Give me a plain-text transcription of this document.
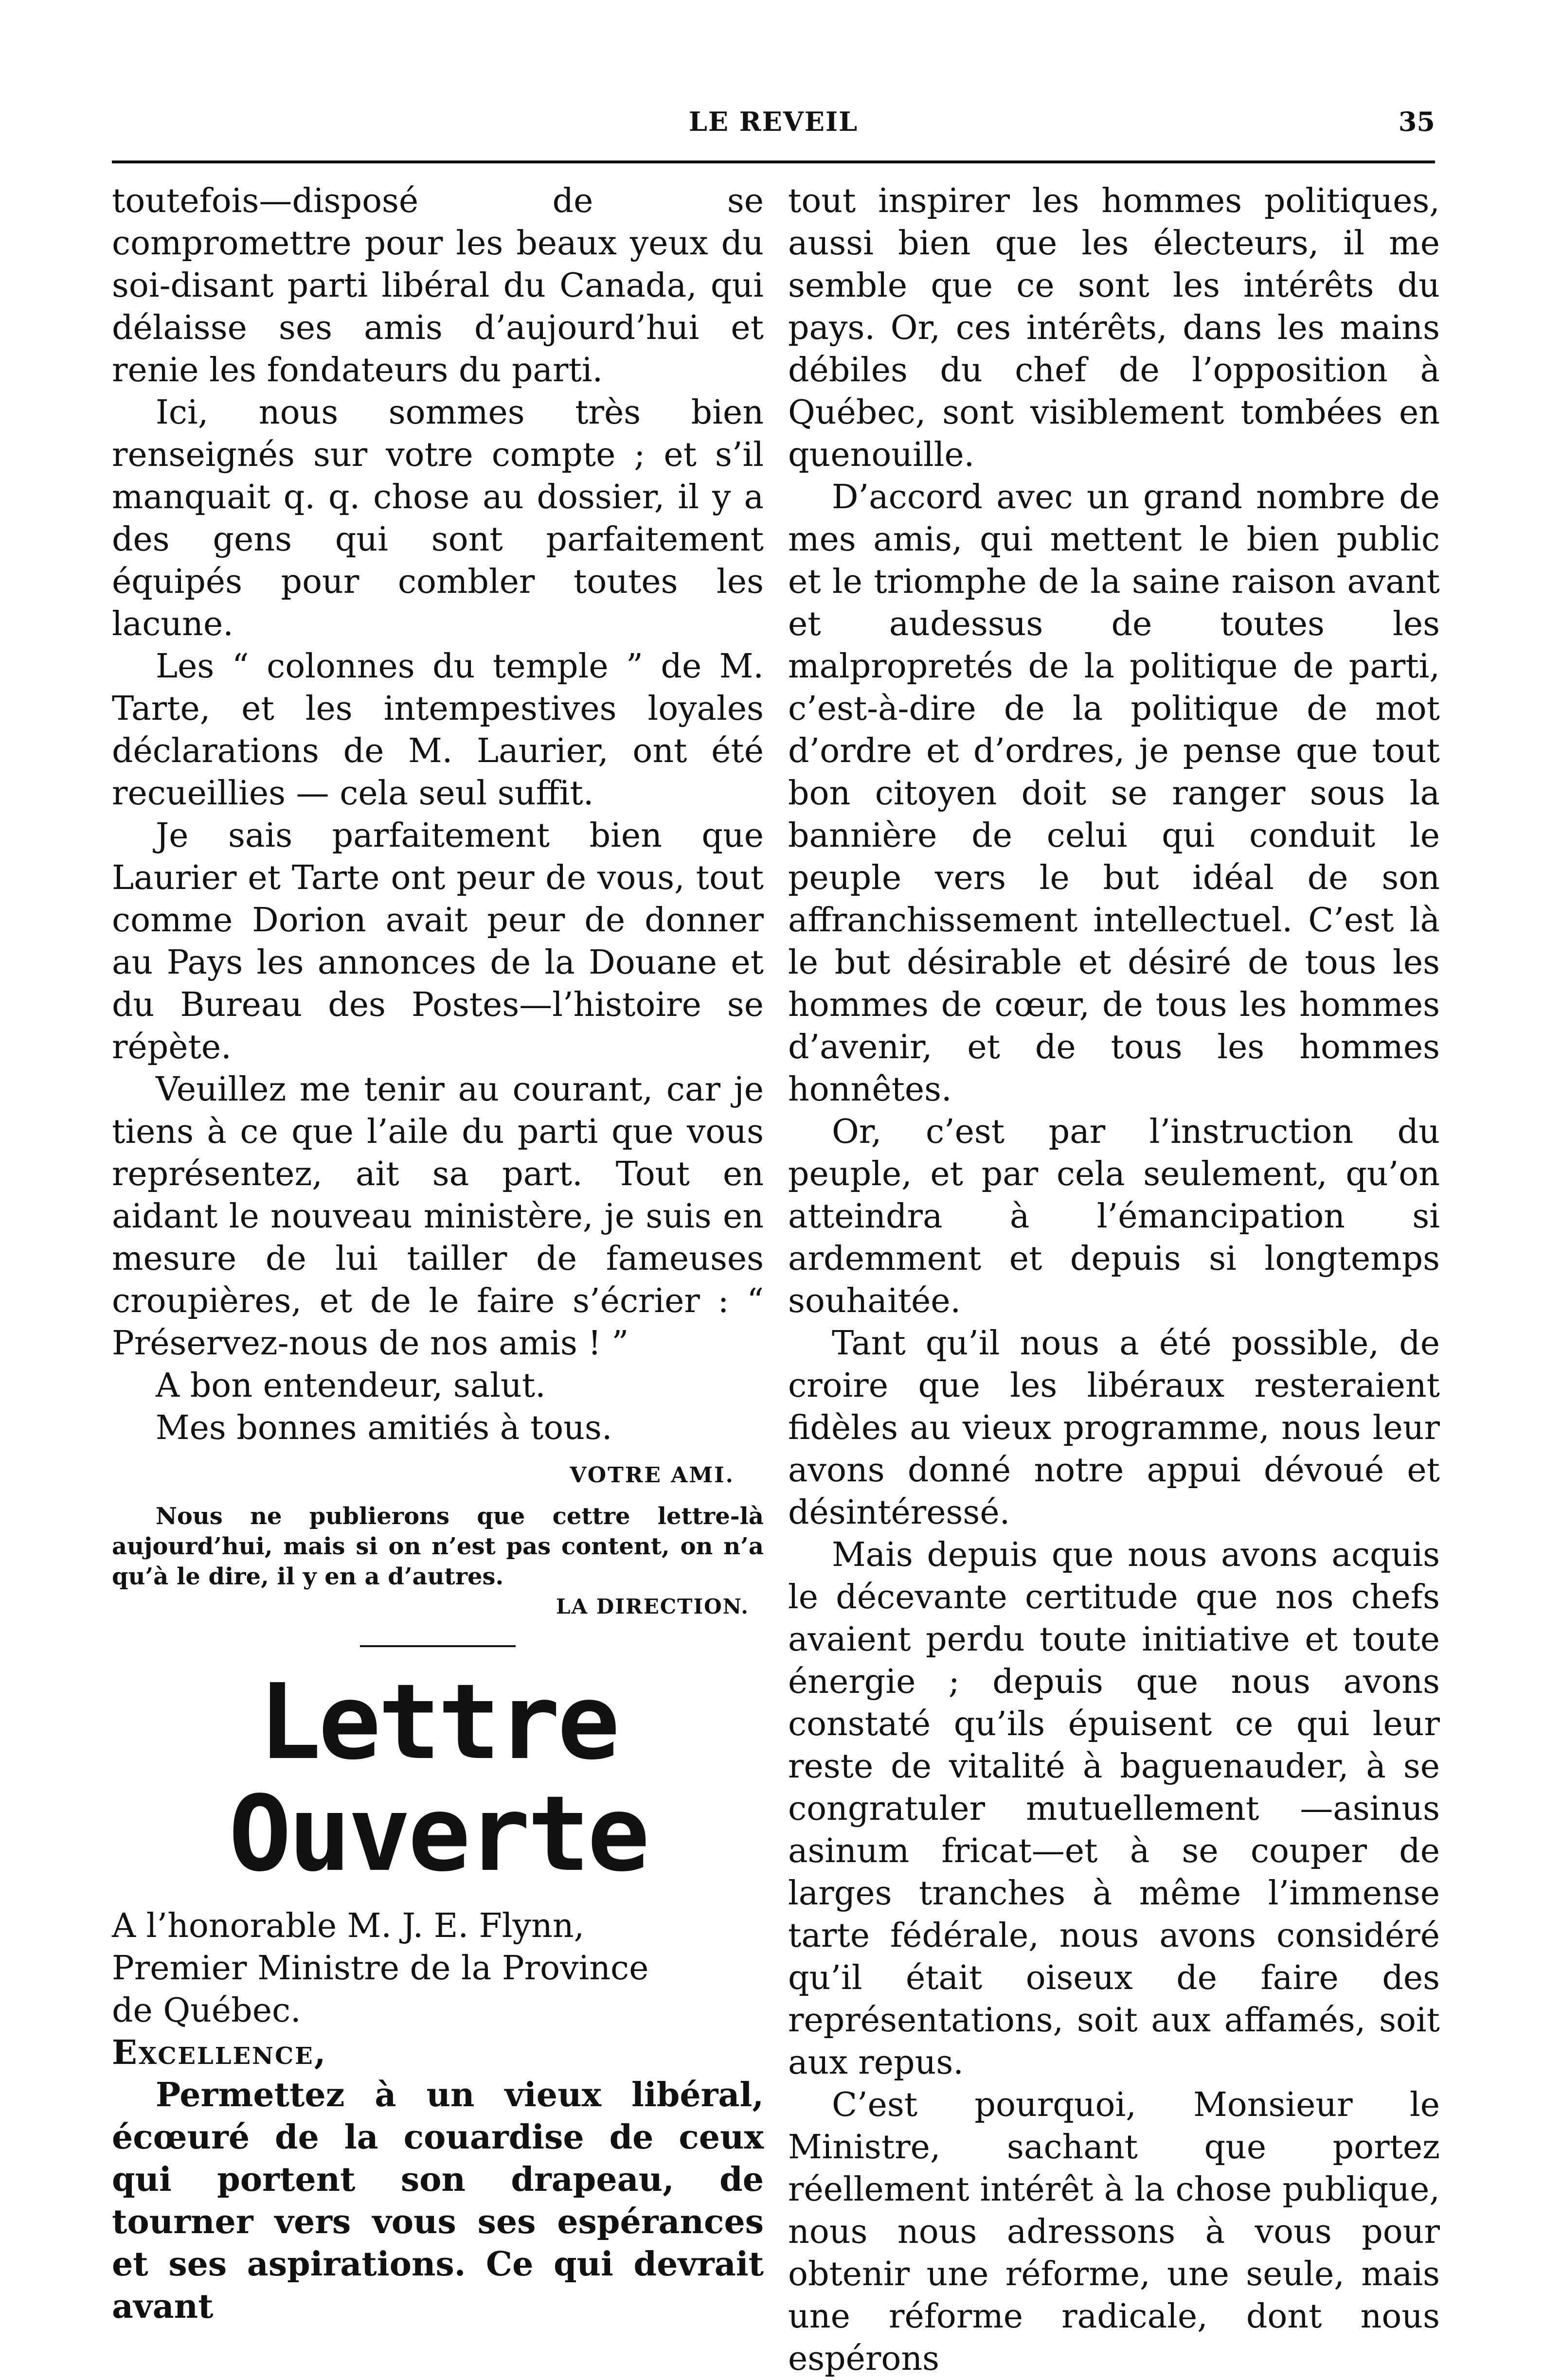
LE REVEIL	35

toutefois—disposé de se compromettre pour les beaux yeux du soi-disant parti libéral du Canada, qui délaisse ses amis d’aujourd’hui et renie les fondateurs du parti.

Ici, nous sommes très bien renseignés sur votre compte ; et s’il manquait q. q. chose au dossier, il y a des gens qui sont parfaitement équipés pour combler toutes les lacune.

Les “ colonnes du temple ” de M. Tarte, et les intempestives loyales déclarations de M. Laurier, ont été recueillies — cela seul suffit.

Je sais parfaitement bien que Laurier et Tarte ont peur de vous, tout comme Dorion avait peur de donner au Pays les annonces de la Douane et du Bureau des Postes—l’histoire se répète.

Veuillez me tenir au courant, car je tiens à ce que l’aile du parti que vous représentez, ait sa part. Tout en aidant le nouveau ministère, je suis en mesure de lui tailler de fameuses croupières, et de le faire s’écrier : “ Préservez-nous de nos amis ! ”

A bon entendeur, salut.

Mes bonnes amitiés à tous.

VOTRE AMI.
Nous ne publierons que cettre lettre-là aujourd’hui, mais si on n’est pas content, on n’a qu’à le dire, il y en a d’autres.
LA DIRECTION.
Lettre Ouverte

A l’honorable M. J. E. Flynn,

Premier Ministre de la Province

de Québec.

Excellence,

Permettez à un vieux libéral, écœuré de la couardise de ceux qui portent son drapeau, de tourner vers vous ses espérances et ses aspirations. Ce qui devrait avant

tout inspirer les hommes politiques, aussi bien que les électeurs, il me semble que ce sont les intérêts du pays. Or, ces intérêts, dans les mains débiles du chef de l’opposition à Québec, sont visiblement tombées en quenouille.

D’accord avec un grand nombre de mes amis, qui mettent le bien public et le triomphe de la saine raison avant et audessus de toutes les malpropretés de la politique de parti, c’est-à-dire de la politique de mot d’ordre et d’ordres, je pense que tout bon citoyen doit se ranger sous la bannière de celui qui conduit le peuple vers le but idéal de son affranchissement intellectuel. C’est là le but désirable et désiré de tous les hommes de cœur, de tous les hommes d’avenir, et de tous les hommes honnêtes.

Or, c’est par l’instruction du peuple, et par cela seulement, qu’on atteindra à l’émancipation si ardemment et depuis si longtemps souhaitée.

Tant qu’il nous a été possible, de croire que les libéraux resteraient fidèles au vieux programme, nous leur avons donné notre appui dévoué et désintéressé.

Mais depuis que nous avons acquis le décevante certitude que nos chefs avaient perdu toute initiative et toute énergie ; depuis que nous avons constaté qu’ils épuisent ce qui leur reste de vitalité à baguenauder, à se congratuler mutuellement —asinus asinum fricat—et à se couper de larges tranches à même l’immense tarte fédérale, nous avons considéré qu’il était oiseux de faire des représentations, soit aux affamés, soit aux repus.

C’est pourquoi, Monsieur le Ministre, sachant que portez réellement intérêt à la chose publique, nous nous adressons à vous pour obtenir une réforme, une seule, mais une réforme radicale, dont nous espérons
